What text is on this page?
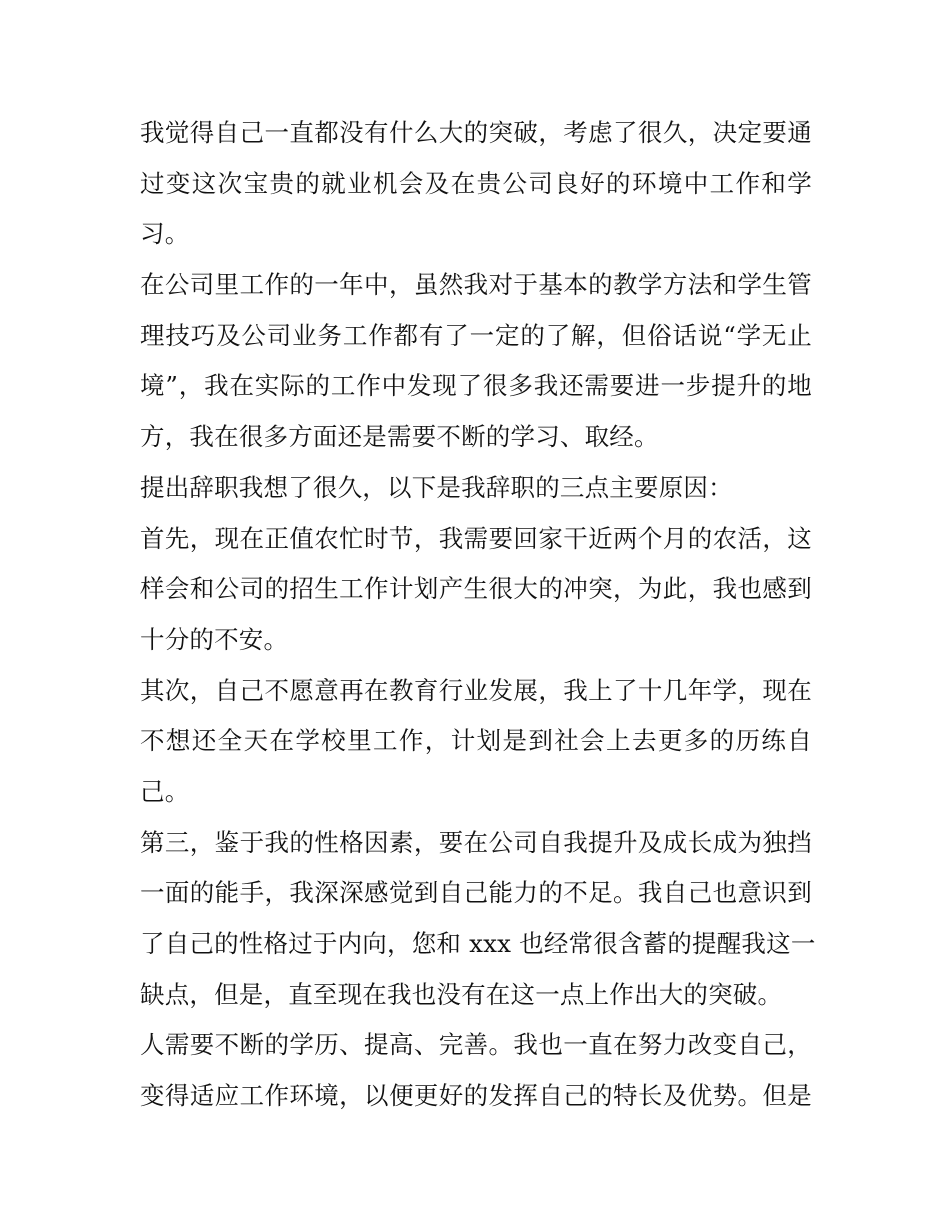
我觉得自己一直都没有什么大的突破，考虑了很久，决定要通
过变这次宝贵的就业机会及在贵公司良好的环境中工作和学
习。
在公司里工作的一年中，虽然我对于基本的教学方法和学生管
理技巧及公司业务工作都有了一定的了解，但俗话说“学无止
境”，我在实际的工作中发现了很多我还需要进一步提升的地
方，我在很多方面还是需要不断的学习、取经。
提出辞职我想了很久，以下是我辞职的三点主要原因：
首先，现在正值农忙时节，我需要回家干近两个月的农活，这
样会和公司的招生工作计划产生很大的冲突，为此，我也感到
十分的不安。
其次，自己不愿意再在教育行业发展，我上了十几年学，现在
不想还全天在学校里工作，计划是到社会上去更多的历练自
己。
第三，鉴于我的性格因素，要在公司自我提升及成长成为独挡
一面的能手，我深深感觉到自己能力的不足。我自己也意识到
了自己的性格过于内向，您和 xxx 也经常很含蓄的提醒我这一
缺点，但是，直至现在我也没有在这一点上作出大的突破。
人需要不断的学历、提高、完善。我也一直在努力改变自己，
变得适应工作环境，以便更好的发挥自己的特长及优势。但是
